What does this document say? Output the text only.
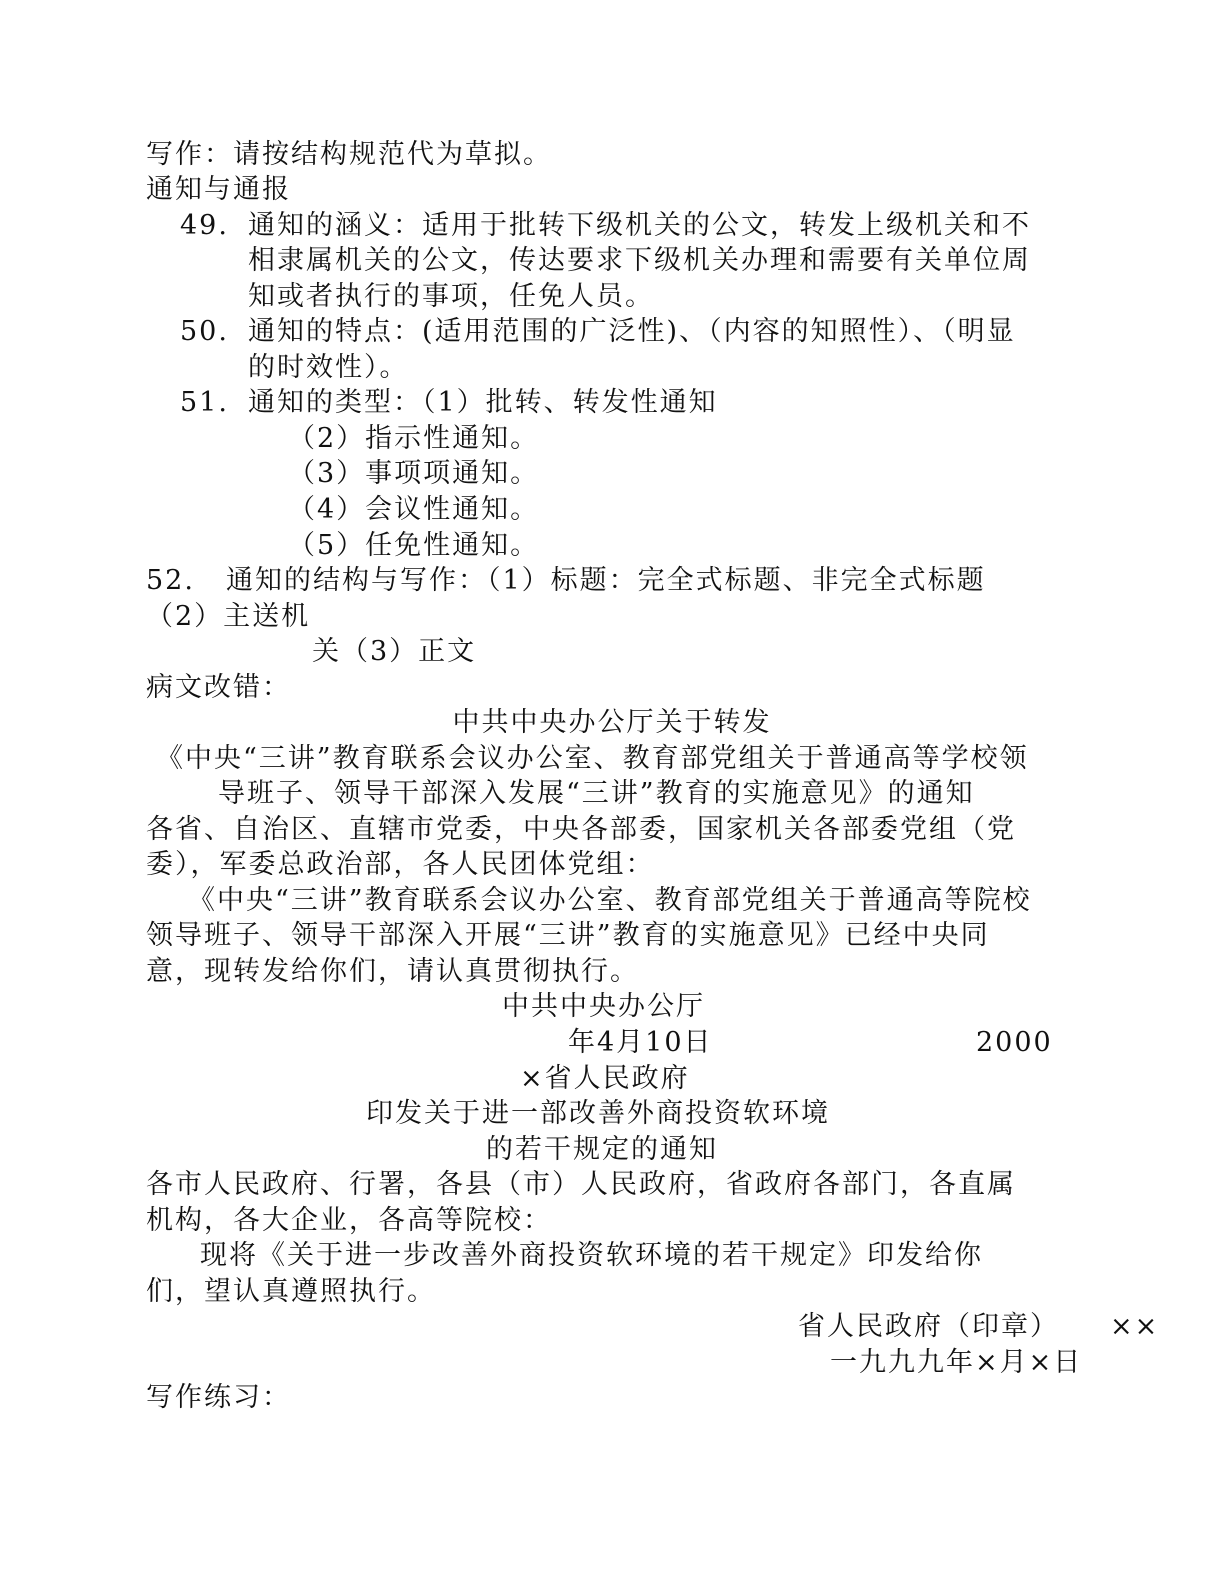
写作：请按结构规范代为草拟。
通知与通报
49. 通知的涵义：适用于批转下级机关的公文，转发上级机关和不
相隶属机关的公文，传达要求下级机关办理和需要有关单位周
知或者执行的事项，任免人员。
50. 通知的特点：(适用范围的广泛性)、（内容的知照性）、（明显
的时效性）。
51. 通知的类型：（1）批转、转发性通知
（2）指示性通知。
（3）事项项通知。
（4）会议性通知。
（5）任免性通知。
52. 通知的结构与写作：（1）标题：完全式标题、非完全式标题
（2）主送机
关（3）正文
病文改错：
中共中央办公厅关于转发
《中央“三讲”教育联系会议办公室、教育部党组关于普通高等学校领
导班子、领导干部深入发展“三讲”教育的实施意见》的通知
各省、自治区、直辖市党委，中央各部委，国家机关各部委党组（党
委），军委总政治部，各人民团体党组：
《中央“三讲”教育联系会议办公室、教育部党组关于普通高等院校
领导班子、领导干部深入开展“三讲”教育的实施意见》已经中央同
意，现转发给你们，请认真贯彻执行。
中共中央办公厅
年4月10日	2000
×省人民政府
印发关于进一部改善外商投资软环境
的若干规定的通知
各市人民政府、行署，各县（市）人民政府，省政府各部门，各直属
机构，各大企业，各高等院校：
现将《关于进一步改善外商投资软环境的若干规定》印发给你
们，望认真遵照执行。
省人民政府（印章） ××
一九九九年×月×日
写作练习：
